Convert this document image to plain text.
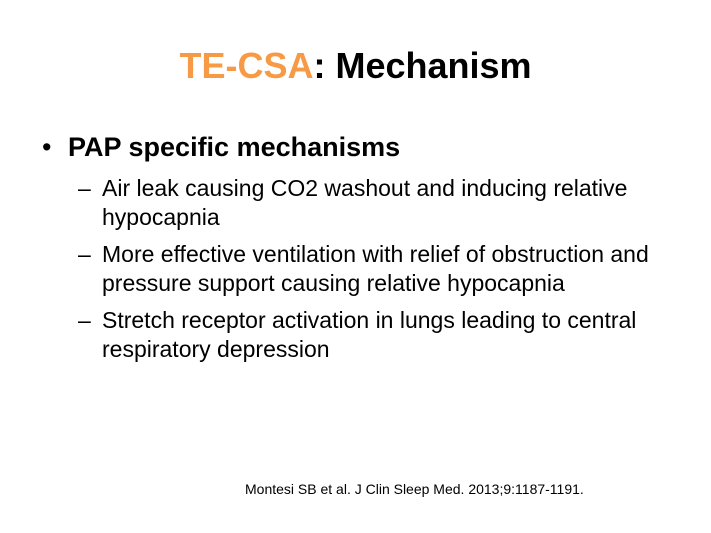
TE-CSA: Mechanism
• PAP specific mechanisms
– Air leak causing CO2 washout and inducing relative hypocapnia
– More effective ventilation with relief of obstruction and pressure support causing relative hypocapnia
– Stretch receptor activation in lungs leading to central respiratory depression
Montesi SB et al. J Clin Sleep Med. 2013;9:1187-1191.
